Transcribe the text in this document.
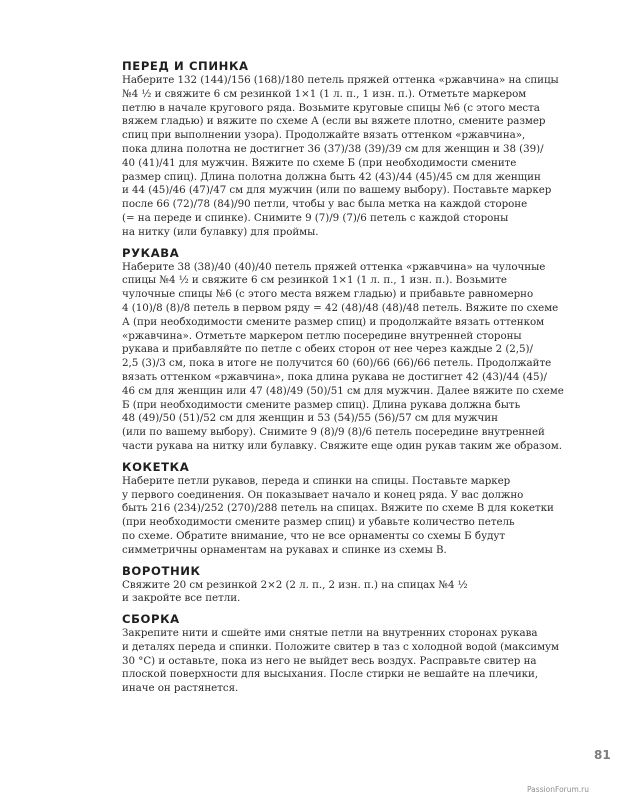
ПЕРЕД И СПИНКА
Наберите 132 (144)/156 (168)/180 петель пряжей оттенка «ржавчина» на спицы
№4 ½ и свяжите 6 см резинкой 1×1 (1 л. п., 1 изн. п.). Отметьте маркером
петлю в начале кругового ряда. Возьмите круговые спицы №6 (с этого места
вяжем гладью) и вяжите по схеме А (если вы вяжете плотно, смените размер
спиц при выполнении узора). Продолжайте вязать оттенком «ржавчина»,
пока длина полотна не достигнет 36 (37)/38 (39)/39 см для женщин и 38 (39)/
40 (41)/41 для мужчин. Вяжите по схеме Б (при необходимости смените
размер спиц). Длина полотна должна быть 42 (43)/44 (45)/45 см для женщин
и 44 (45)/46 (47)/47 см для мужчин (или по вашему выбору). Поставьте маркер
после 66 (72)/78 (84)/90 петли, чтобы у вас была метка на каждой стороне
(= на переде и спинке). Снимите 9 (7)/9 (7)/6 петель с каждой стороны
на нитку (или булавку) для проймы.
РУКАВА
Наберите 38 (38)/40 (40)/40 петель пряжей оттенка «ржавчина» на чулочные
спицы №4 ½ и свяжите 6 см резинкой 1×1 (1 л. п., 1 изн. п.). Возьмите
чулочные спицы №6 (с этого места вяжем гладью) и прибавьте равномерно
4 (10)/8 (8)/8 петель в первом ряду = 42 (48)/48 (48)/48 петель. Вяжите по схеме
А (при необходимости смените размер спиц) и продолжайте вязать оттенком
«ржавчина». Отметьте маркером петлю посередине внутренней стороны
рукава и прибавляйте по петле с обеих сторон от нее через каждые 2 (2,5)/
2,5 (3)/3 см, пока в итоге не получится 60 (60)/66 (66)/66 петель. Продолжайте
вязать оттенком «ржавчина», пока длина рукава не достигнет 42 (43)/44 (45)/
46 см для женщин или 47 (48)/49 (50)/51 см для мужчин. Далее вяжите по схеме
Б (при необходимости смените размер спиц). Длина рукава должна быть
48 (49)/50 (51)/52 см для женщин и 53 (54)/55 (56)/57 см для мужчин
(или по вашему выбору). Снимите 9 (8)/9 (8)/6 петель посередине внутренней
части рукава на нитку или булавку. Свяжите еще один рукав таким же образом.
КОКЕТКА
Наберите петли рукавов, переда и спинки на спицы. Поставьте маркер
у первого соединения. Он показывает начало и конец ряда. У вас должно
быть 216 (234)/252 (270)/288 петель на спицах. Вяжите по схеме В для кокетки
(при необходимости смените размер спиц) и убавьте количество петель
по схеме. Обратите внимание, что не все орнаменты со схемы Б будут
симметричны орнаментам на рукавах и спинке из схемы В.
ВОРОТНИК
Свяжите 20 см резинкой 2×2 (2 л. п., 2 изн. п.) на спицах №4 ½
и закройте все петли.
СБОРКА
Закрепите нити и сшейте ими снятые петли на внутренних сторонах рукава
и деталях переда и спинки. Положите свитер в таз с холодной водой (максимум
30 °C) и оставьте, пока из него не выйдет весь воздух. Расправьте свитер на
плоской поверхности для высыхания. После стирки не вешайте на плечики,
иначе он растянется.
81
PassionForum.ru
